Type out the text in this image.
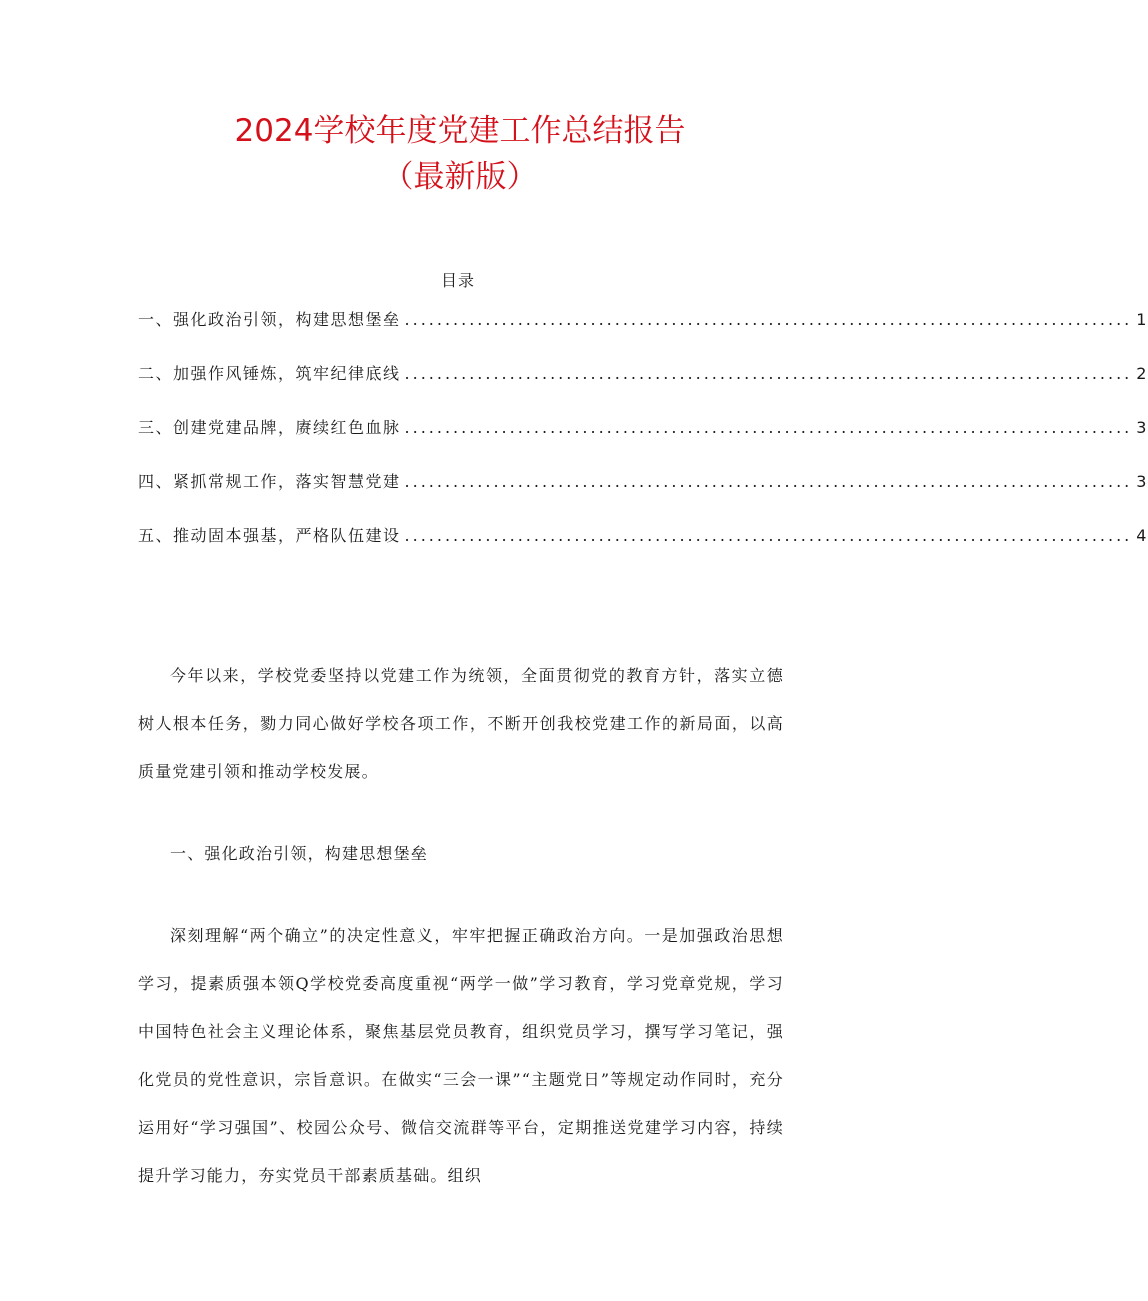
2024学校年度党建工作总结报告
（最新版）
目录
一、强化政治引领，构建思想堡垒 .......................................................................................... 1
二、加强作风锤炼，筑牢纪律底线 .......................................................................................... 2
三、创建党建品牌，赓续红色血脉 .......................................................................................... 3
四、紧抓常规工作，落实智慧党建 .......................................................................................... 3
五、推动固本强基，严格队伍建设 .......................................................................................... 4

今年以来，学校党委坚持以党建工作为统领，全面贯彻党的教育方针，落实立德树人根本任务，勠力同心做好学校各项工作，不断开创我校党建工作的新局面，以高质量党建引领和推动学校发展。

一、强化政治引领，构建思想堡垒

深刻理解“两个确立”的决定性意义，牢牢把握正确政治方向。一是加强政治思想学习，提素质强本领Q学校党委高度重视“两学一做”学习教育，学习党章党规，学习中国特色社会主义理论体系，聚焦基层党员教育，组织党员学习，撰写学习笔记，强化党员的党性意识，宗旨意识。在做实“三会一课”“主题党日”等规定动作同时，充分运用好“学习强国”、校园公众号、微信交流群等平台，定期推送党建学习内容，持续提升学习能力，夯实党员干部素质基础。组织
